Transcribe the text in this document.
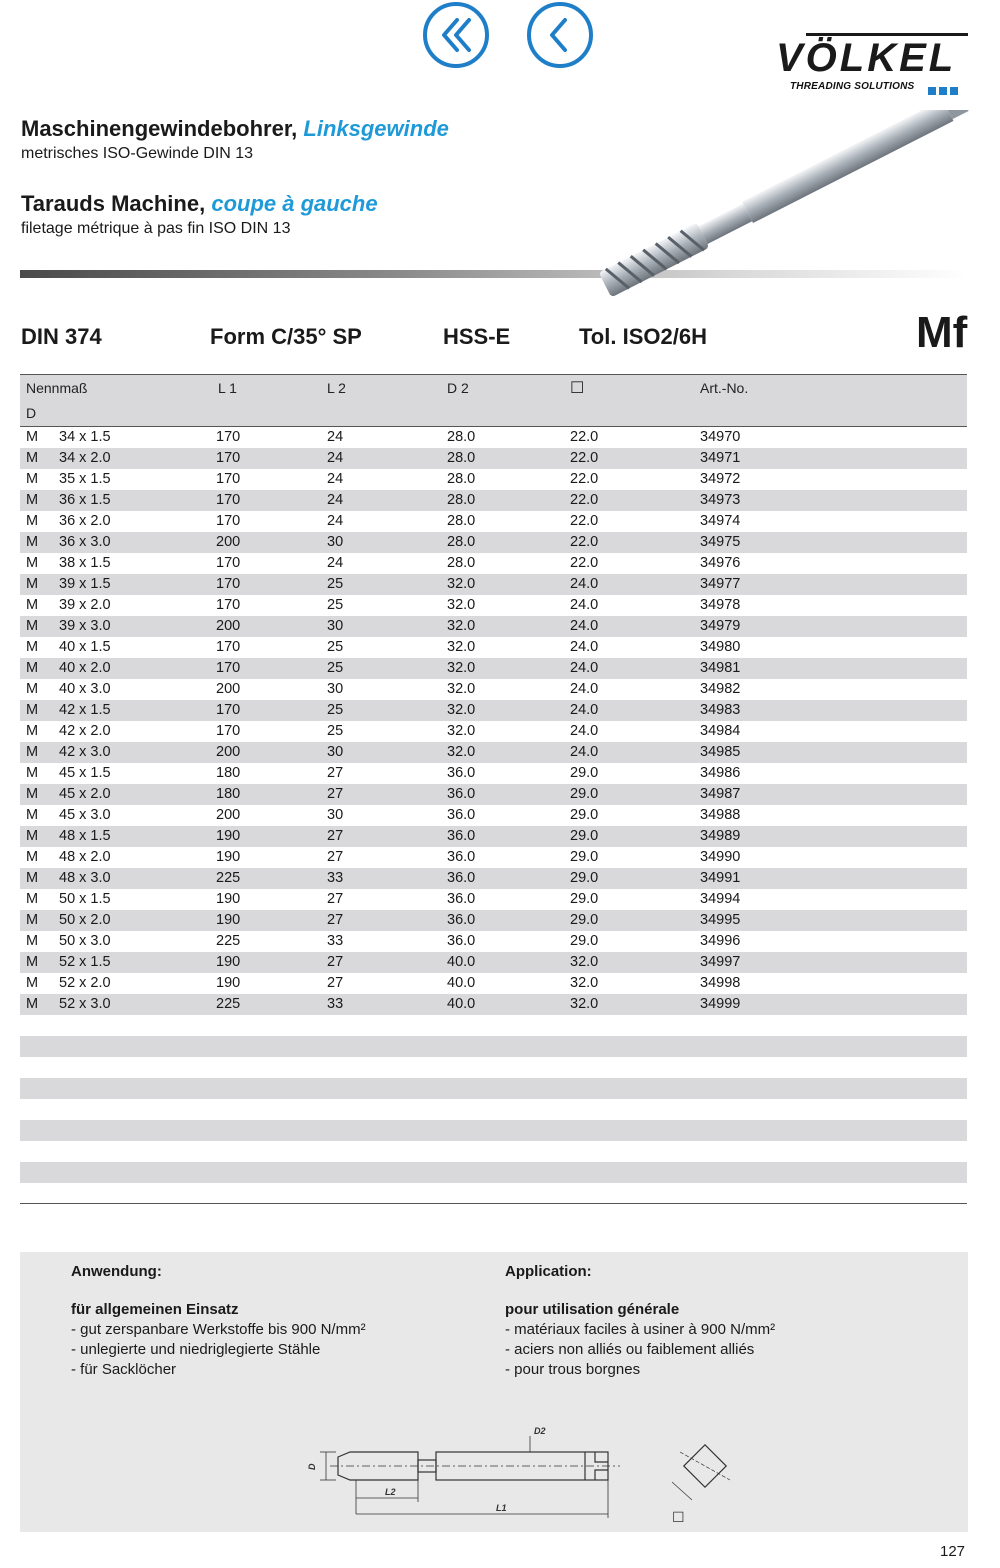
VÖLKEL
THREADING SOLUTIONS
Maschinengewindebohrer, Linksgewinde
metrisches ISO-Gewinde DIN 13
Tarauds Machine, coupe à gauche
filetage métrique à pas fin ISO DIN 13
DIN 374	Form C/35° SP	HSS-E	Tol. ISO2/6H	Mf
Nennmaß
D
L 1	L 2	D 2	☐	Art.-No.
M 34 x 1.5	170	24	28.0	22.0	34970
M 34 x 2.0	170	24	28.0	22.0	34971
M 35 x 1.5	170	24	28.0	22.0	34972
M 36 x 1.5	170	24	28.0	22.0	34973
M 36 x 2.0	170	24	28.0	22.0	34974
M 36 x 3.0	200	30	28.0	22.0	34975
M 38 x 1.5	170	24	28.0	22.0	34976
M 39 x 1.5	170	25	32.0	24.0	34977
M 39 x 2.0	170	25	32.0	24.0	34978
M 39 x 3.0	200	30	32.0	24.0	34979
M 40 x 1.5	170	25	32.0	24.0	34980
M 40 x 2.0	170	25	32.0	24.0	34981
M 40 x 3.0	200	30	32.0	24.0	34982
M 42 x 1.5	170	25	32.0	24.0	34983
M 42 x 2.0	170	25	32.0	24.0	34984
M 42 x 3.0	200	30	32.0	24.0	34985
M 45 x 1.5	180	27	36.0	29.0	34986
M 45 x 2.0	180	27	36.0	29.0	34987
M 45 x 3.0	200	30	36.0	29.0	34988
M 48 x 1.5	190	27	36.0	29.0	34989
M 48 x 2.0	190	27	36.0	29.0	34990
M 48 x 3.0	225	33	36.0	29.0	34991
M 50 x 1.5	190	27	36.0	29.0	34994
M 50 x 2.0	190	27	36.0	29.0	34995
M 50 x 3.0	225	33	36.0	29.0	34996
M 52 x 1.5	190	27	40.0	32.0	34997
M 52 x 2.0	190	27	40.0	32.0	34998
M 52 x 3.0	225	33	40.0	32.0	34999
Anwendung:
für allgemeinen Einsatz
- gut zerspanbare Werkstoffe bis 900 N/mm²
- unlegierte und niedriglegierte Stähle
- für Sacklöcher
Application:
pour utilisation générale
- matériaux faciles à usiner à 900 N/mm²
- aciers non alliés ou faiblement alliés
- pour trous borgnes
D
D2
L2
L1
☐
127
